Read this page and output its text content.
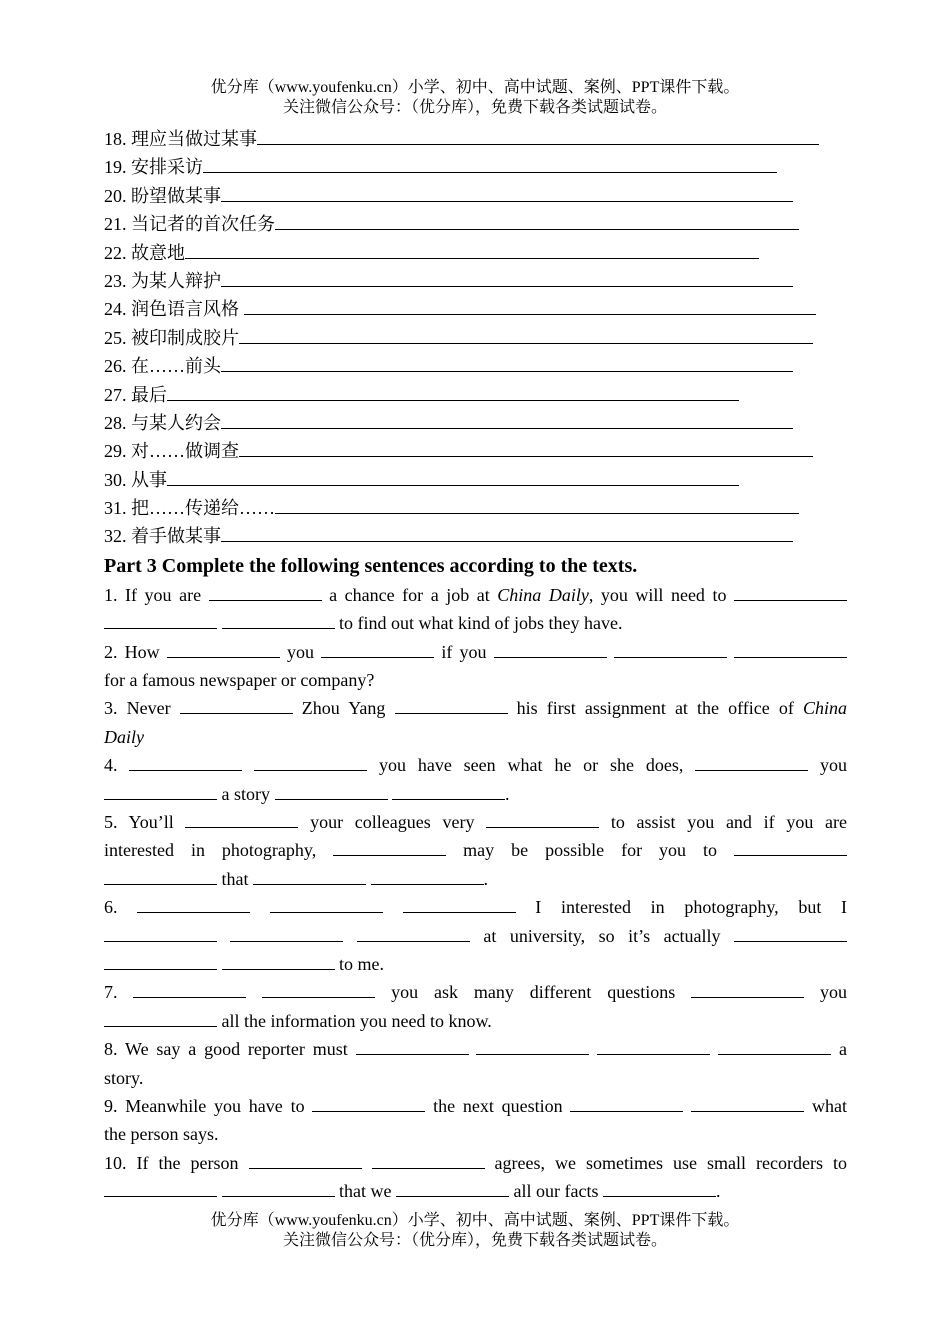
优分库（www.youfenku.cn）小学、初中、高中试题、案例、PPT课件下载。
关注微信公众号：（优分库），免费下载各类试题试卷。
18. 理应当做过某事
19. 安排采访
20. 盼望做某事
21. 当记者的首次任务
22. 故意地
23. 为某人辩护
24. 润色语言风格
25. 被印制成胶片
26. 在……前头
27. 最后
28. 与某人约会
29. 对……做调查
30. 从事
31. 把……传递给……
32. 着手做某事
Part 3 Complete the following sentences according to the texts.
1. If you are	a chance for a job at China Daily, you will need to
to find out what kind of jobs they have.
2. How	you	if you
for a famous newspaper or company?
3. Never	Zhou Yang	his first assignment at the office of China
Daily
4.	you have seen what he or she does,	you
a story	.
5. You’ll	your colleagues very	to assist you and if you are
interested in photography,	may be possible for you to
that	.
6.	I interested in photography, but I
at university, so it’s actually
to me.
7.	you ask many different questions	you
all the information you need to know.
8. We say a good reporter must	a
story.
9. Meanwhile you have to	the next question	what
the person says.
10. If the person	agrees, we sometimes use small recorders to
that we	all our facts	.
优分库（www.youfenku.cn）小学、初中、高中试题、案例、PPT课件下载。
关注微信公众号：（优分库），免费下载各类试题试卷。
